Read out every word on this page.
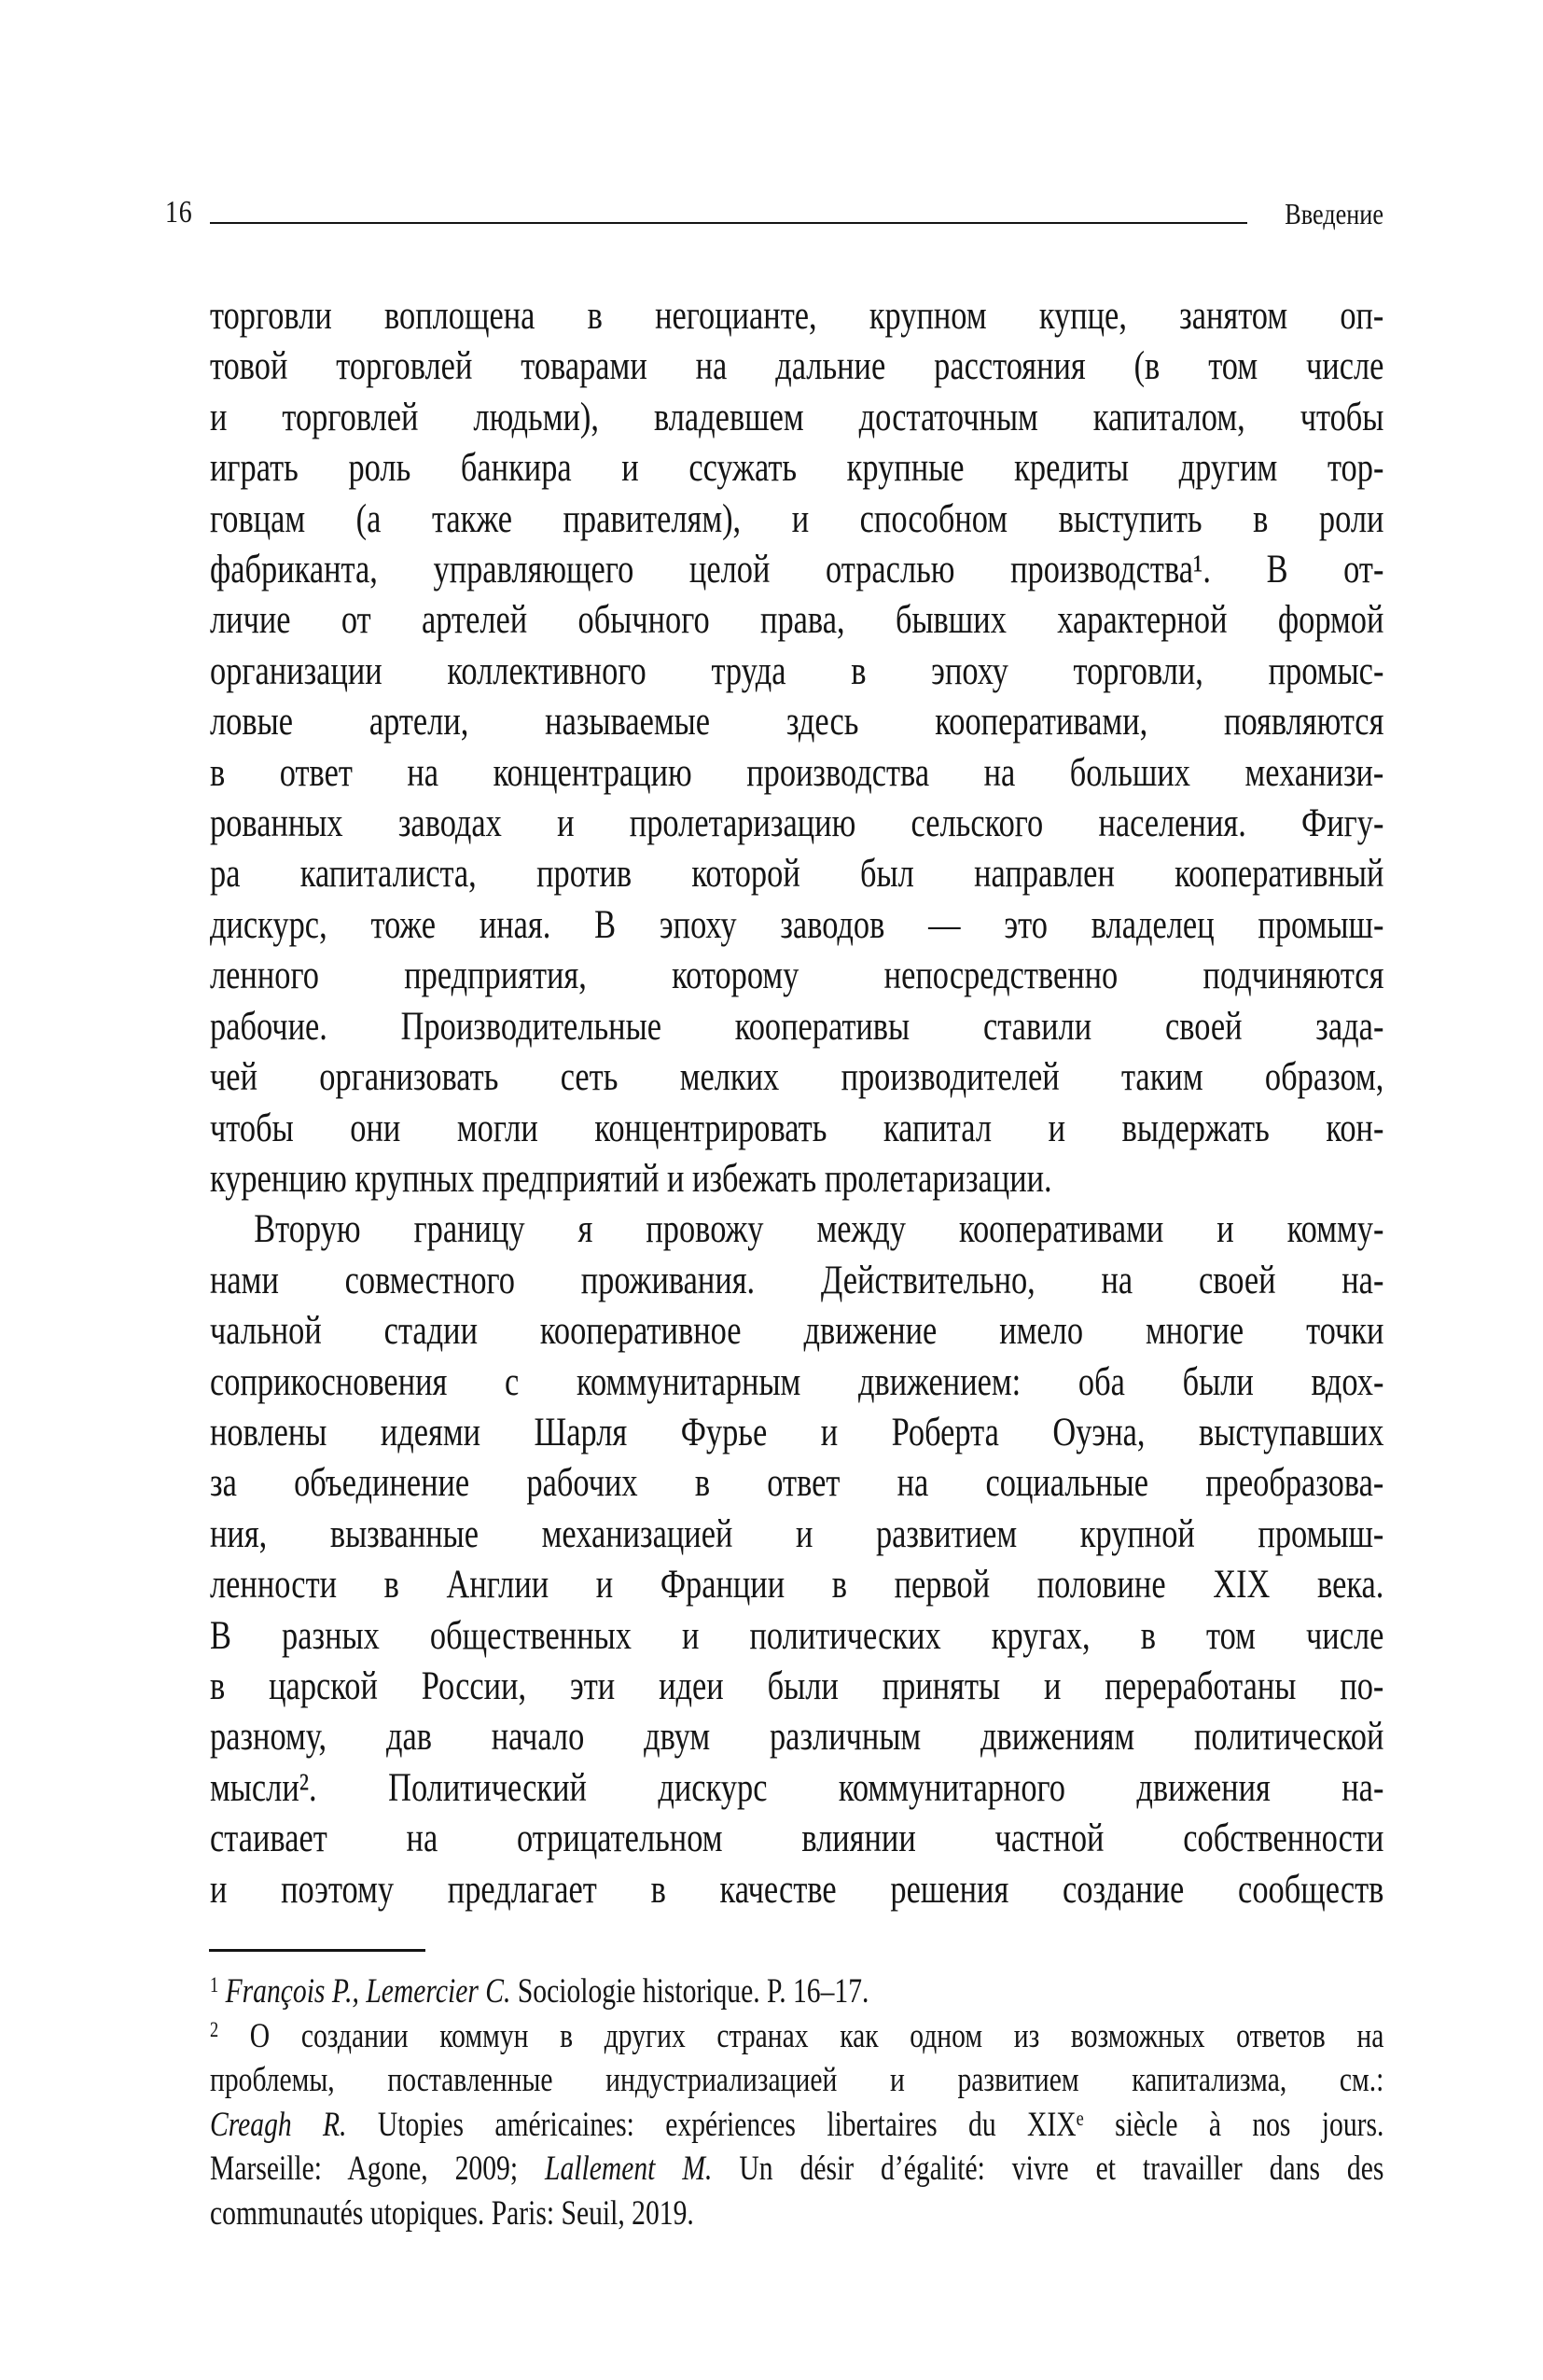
16	Введение
торговли воплощена в негоцианте, крупном купце, занятом оп-
товой торговлей товарами на дальние расстояния (в том числе
и торговлей людьми), владевшем достаточным капиталом, чтобы
играть роль банкира и ссужать крупные кредиты другим тор-
говцам (а также правителям), и способном выступить в роли
фабриканта, управляющего целой отраслью производства¹. В от-
личие от артелей обычного права, бывших характерной формой
организации коллективного труда в эпоху торговли, промыс-
ловые артели, называемые здесь кооперативами, появляются
в ответ на концентрацию производства на больших механизи-
рованных заводах и пролетаризацию сельского населения. Фигу-
ра капиталиста, против которой был направлен кооперативный
дискурс, тоже иная. В эпоху заводов — это владелец промыш-
ленного предприятия, которому непосредственно подчиняются
рабочие. Производительные кооперативы ставили своей зада-
чей организовать сеть мелких производителей таким образом,
чтобы они могли концентрировать капитал и выдержать кон-
куренцию крупных предприятий и избежать пролетаризации.
Вторую границу я провожу между кооперативами и комму-
нами совместного проживания. Действительно, на своей на-
чальной стадии кооперативное движение имело многие точки
соприкосновения с коммунитарным движением: оба были вдох-
новлены идеями Шарля Фурье и Роберта Оуэна, выступавших
за объединение рабочих в ответ на социальные преобразова-
ния, вызванные механизацией и развитием крупной промыш-
ленности в Англии и Франции в первой половине XIX века.
В разных общественных и политических кругах, в том числе
в царской России, эти идеи были приняты и переработаны по-
разному, дав начало двум различным движениям политической
мысли². Политический дискурс коммунитарного движения на-
стаивает на отрицательном влиянии частной собственности
и поэтому предлагает в качестве решения создание сообществ
$^1$ François P., Lemercier C. Sociologie historique. P. 16–17.
$^2$ О создании коммун в других странах как одном из возможных ответов на
проблемы, поставленные индустриализацией и развитием капитализма, см.:
Creagh R. Utopies américaines: expériences libertaires du XIXe siècle à nos jours.
Marseille: Agone, 2009; Lallement M. Un désir d’égalité: vivre et travailler dans des
communautés utopiques. Paris: Seuil, 2019.
